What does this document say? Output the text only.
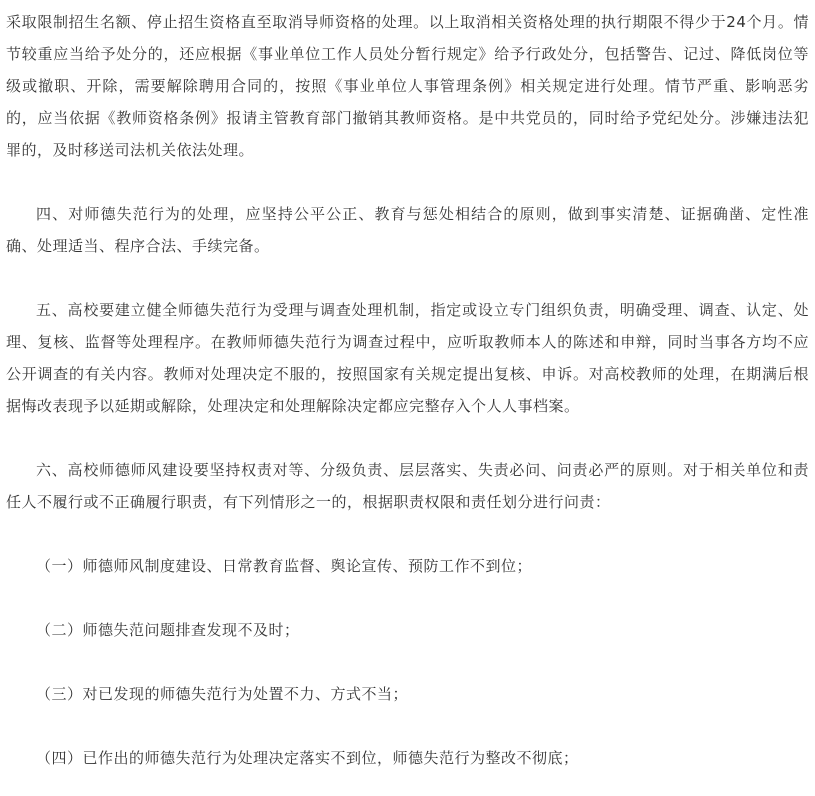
采取限制招生名额、停止招生资格直至取消导师资格的处理。以上取消相关资格处理的执行期限不得少于24个月。情节较重应当给予处分的，还应根据《事业单位工作人员处分暂行规定》给予行政处分，包括警告、记过、降低岗位等级或撤职、开除，需要解除聘用合同的，按照《事业单位人事管理条例》相关规定进行处理。情节严重、影响恶劣的，应当依据《教师资格条例》报请主管教育部门撤销其教师资格。是中共党员的，同时给予党纪处分。涉嫌违法犯罪的，及时移送司法机关依法处理。

四、对师德失范行为的处理，应坚持公平公正、教育与惩处相结合的原则，做到事实清楚、证据确凿、定性准确、处理适当、程序合法、手续完备。

五、高校要建立健全师德失范行为受理与调查处理机制，指定或设立专门组织负责，明确受理、调查、认定、处理、复核、监督等处理程序。在教师师德失范行为调查过程中，应听取教师本人的陈述和申辩，同时当事各方均不应公开调查的有关内容。教师对处理决定不服的，按照国家有关规定提出复核、申诉。对高校教师的处理，在期满后根据悔改表现予以延期或解除，处理决定和处理解除决定都应完整存入个人人事档案。

六、高校师德师风建设要坚持权责对等、分级负责、层层落实、失责必问、问责必严的原则。对于相关单位和责任人不履行或不正确履行职责，有下列情形之一的，根据职责权限和责任划分进行问责：

（一）师德师风制度建设、日常教育监督、舆论宣传、预防工作不到位；

（二）师德失范问题排查发现不及时；

（三）对已发现的师德失范行为处置不力、方式不当；

（四）已作出的师德失范行为处理决定落实不到位，师德失范行为整改不彻底；
